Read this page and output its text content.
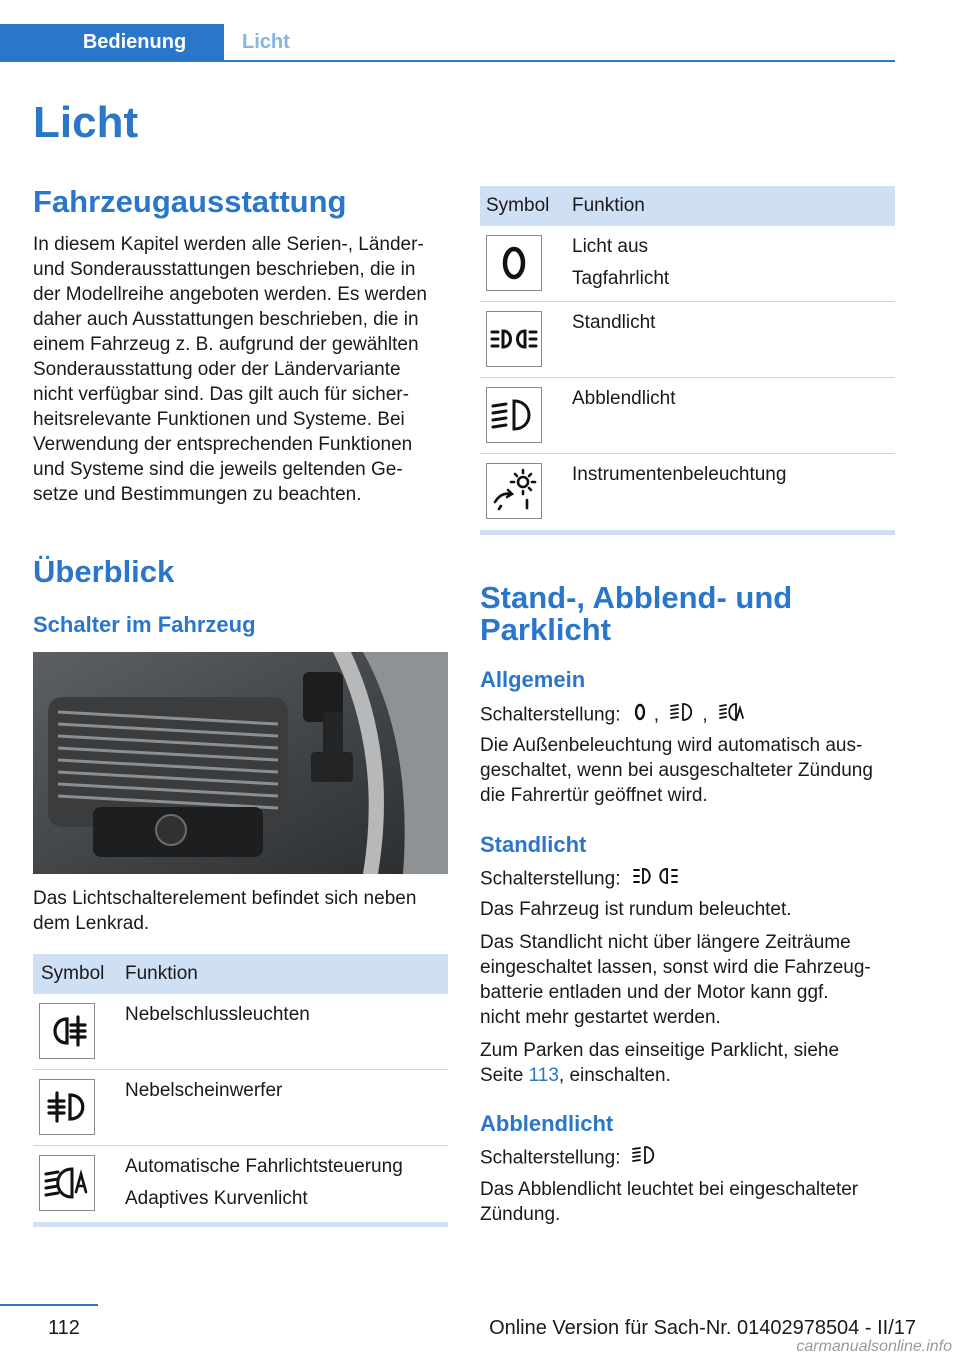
Bedienung	Licht
Licht
Fahrzeugausstattung
In diesem Kapitel werden alle Serien-, Länder-
und Sonderausstattungen beschrieben, die in
der Modellreihe angeboten werden. Es werden
daher auch Ausstattungen beschrieben, die in
einem Fahrzeug z. B. aufgrund der gewählten
Sonderausstattung oder der Ländervariante
nicht verfügbar sind. Das gilt auch für sicher-
heitsrelevante Funktionen und Systeme. Bei
Verwendung der entsprechenden Funktionen
und Systeme sind die jeweils geltenden Ge-
setze und Bestimmungen zu beachten.
Überblick
Schalter im Fahrzeug
Das Lichtschalterelement befindet sich neben
dem Lenkrad.
Symbol Funktion
Nebelschlussleuchten
Nebelscheinwerfer
Automatische Fahrlichtsteuerung
Adaptives Kurvenlicht
Symbol Funktion
Licht aus
Tagfahrlicht
Standlicht
Abblendlicht
Instrumentenbeleuchtung
Stand-, Abblend- und
Parklicht
Allgemein
Schalterstellung: , ,
Die Außenbeleuchtung wird automatisch aus-
geschaltet, wenn bei ausgeschalteter Zündung
die Fahrertür geöffnet wird.
Standlicht
Schalterstellung:
Das Fahrzeug ist rundum beleuchtet.
Das Standlicht nicht über längere Zeiträume
eingeschaltet lassen, sonst wird die Fahrzeug-
batterie entladen und der Motor kann ggf.
nicht mehr gestartet werden.
Zum Parken das einseitige Parklicht, siehe
Seite 113, einschalten.
Abblendlicht
Schalterstellung:
Das Abblendlicht leuchtet bei eingeschalteter
Zündung.
112	Online Version für Sach-Nr. 01402978504 - II/17
carmanualsonline.info
